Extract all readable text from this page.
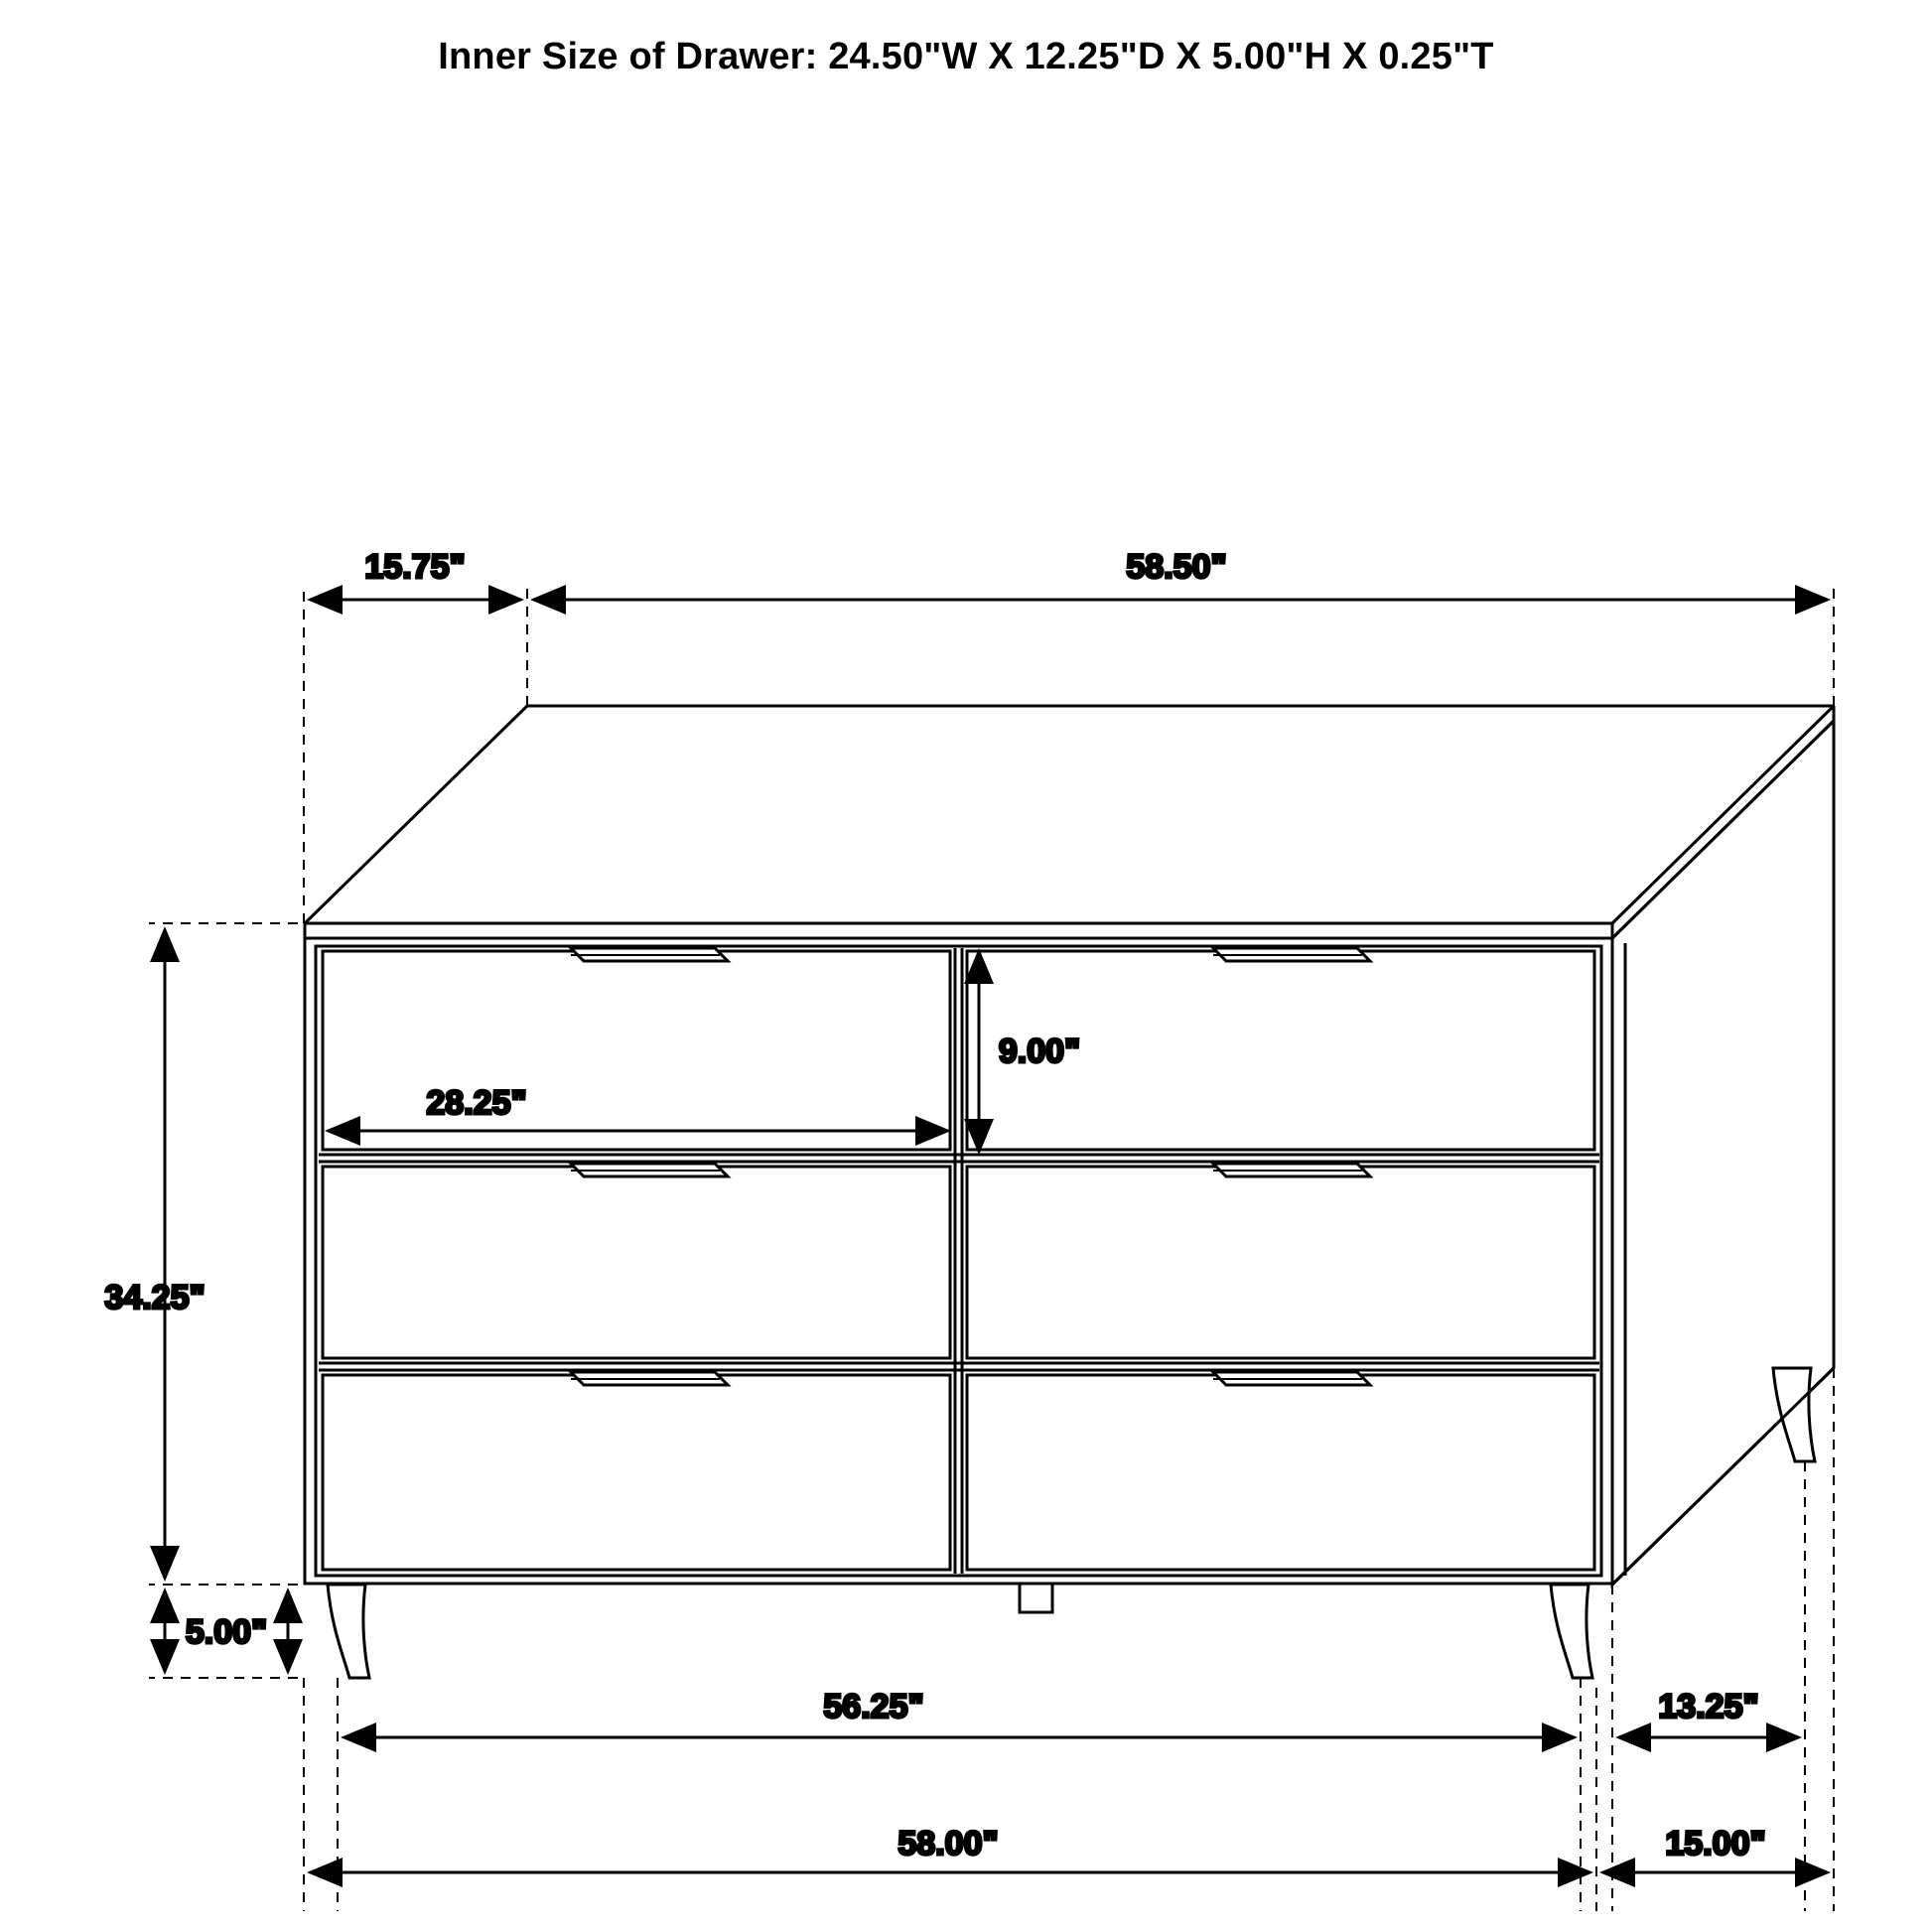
Inner Size of Drawer: 24.50"W X 12.25"D X 5.00"H X 0.25"T
15.75"	58.50"
34.25"
5.00"
9.00"
28.25"
56.25"	13.25"
58.00"	15.00"
